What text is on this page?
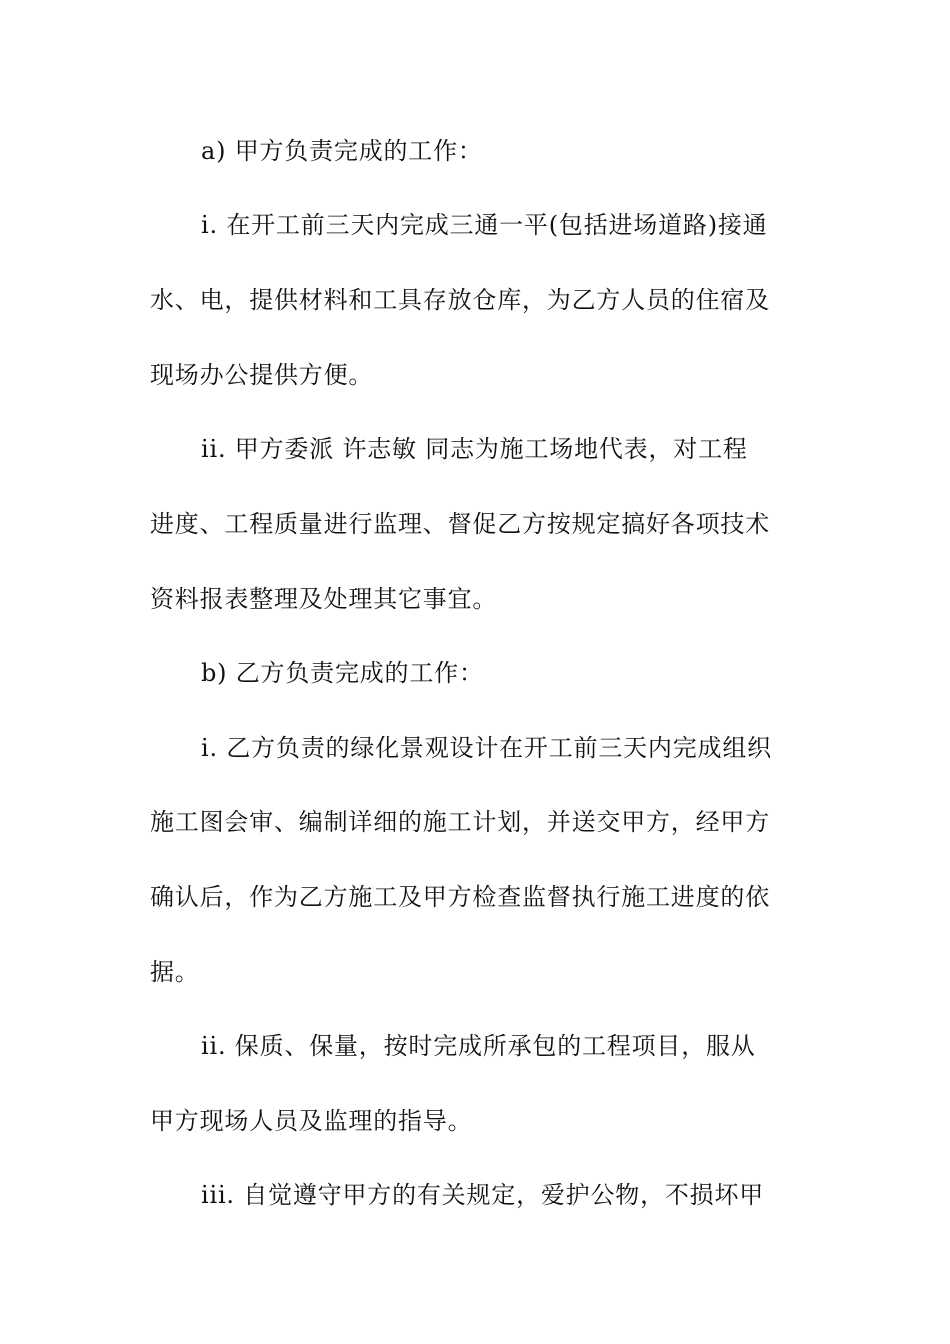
a) 甲方负责完成的工作：
i. 在开工前三天内完成三通一平(包括进场道路)接通
水、电，提供材料和工具存放仓库，为乙方人员的住宿及
现场办公提供方便。
ii. 甲方委派 许志敏 同志为施工场地代表，对工程
进度、工程质量进行监理、督促乙方按规定搞好各项技术
资料报表整理及处理其它事宜。
b) 乙方负责完成的工作：
i. 乙方负责的绿化景观设计在开工前三天内完成组织
施工图会审、编制详细的施工计划，并送交甲方，经甲方
确认后，作为乙方施工及甲方检查监督执行施工进度的依
据。
ii. 保质、保量，按时完成所承包的工程项目，服从
甲方现场人员及监理的指导。
iii. 自觉遵守甲方的有关规定，爱护公物，不损坏甲
